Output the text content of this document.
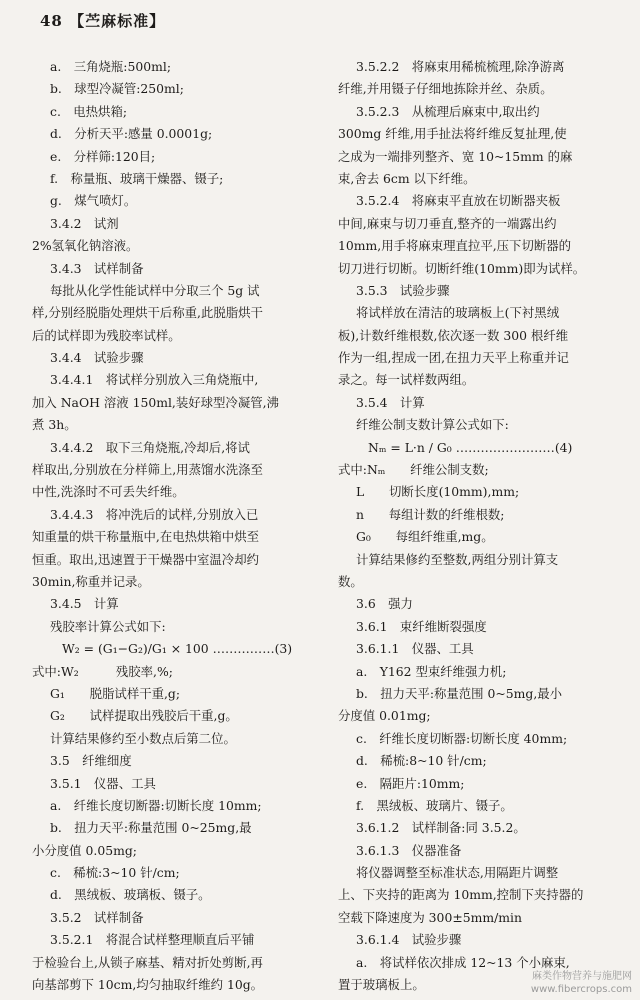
48 【苎麻标准】
a.　三角烧瓶:500ml;
b.　球型冷凝管:250ml;
c.　电热烘箱;
d.　分析天平:感量 0.0001g;
e.　分样筛:120目;
f.　称量瓶、玻璃干燥器、镊子;
g.　煤气喷灯。
3.4.2　试剂
2%氢氧化钠溶液。
3.4.3　试样制备
每批从化学性能试样中分取三个 5g 试
样,分别经脱脂处理烘干后称重,此脱脂烘干
后的试样即为残胶率试样。
3.4.4　试验步骤
3.4.4.1　将试样分别放入三角烧瓶中,
加入 NaOH 溶液 150ml,装好球型冷凝管,沸
煮 3h。
3.4.4.2　取下三角烧瓶,冷却后,将试
样取出,分别放在分样筛上,用蒸馏水洗涤至
中性,洗涤时不可丢失纤维。
3.4.4.3　将冲洗后的试样,分别放入已
知重量的烘干称量瓶中,在电热烘箱中烘至
恒重。取出,迅速置于干燥器中室温冷却约
30min,称重并记录。
3.4.5　计算
残胶率计算公式如下:
W₂ = (G₁−G₂)/G₁ × 100 ……………(3)
式中:W₂　　　残胶率,%;
G₁　　脱脂试样干重,g;
G₂　　试样提取出残胶后干重,g。
计算结果修约至小数点后第二位。
3.5　纤维细度
3.5.1　仪器、工具
a.　纤维长度切断器:切断长度 10mm;
b.　扭力天平:称量范围 0~25mg,最
小分度值 0.05mg;
c.　稀梳:3~10 针/cm;
d.　黑绒板、玻璃板、镊子。
3.5.2　试样制备
3.5.2.1　将混合试样整理顺直后平铺
于检验台上,从锁子麻基、精对折处剪断,再
向基部剪下 10cm,均匀抽取纤维约 10g。
3.5.2.2　将麻束用稀梳梳理,除净游离
纤维,并用镊子仔细地拣除并丝、杂质。
3.5.2.3　从梳理后麻束中,取出约
300mg 纤维,用手扯法将纤维反复扯理,使
之成为一端排列整齐、宽 10~15mm 的麻
束,舍去 6cm 以下纤维。
3.5.2.4　将麻束平直放在切断器夹板
中间,麻束与切刀垂直,整齐的一端露出约
10mm,用手将麻束理直拉平,压下切断器的
切刀进行切断。切断纤维(10mm)即为试样。
3.5.3　试验步骤
将试样放在清洁的玻璃板上(下衬黑绒
板),计数纤维根数,依次逐一数 300 根纤维
作为一组,捏成一团,在扭力天平上称重并记
录之。每一试样数两组。
3.5.4　计算
纤维公制支数计算公式如下:
Nₘ = L·n / G₀ ……………………(4)
式中:Nₘ　　纤维公制支数;
L　　切断长度(10mm),mm;
n　　每组计数的纤维根数;
G₀　　每组纤维重,mg。
计算结果修约至整数,两组分别计算支
数。
3.6　强力
3.6.1　束纤维断裂强度
3.6.1.1　仪器、工具
a.　Y162 型束纤维强力机;
b.　扭力天平:称量范围 0~5mg,最小
分度值 0.01mg;
c.　纤维长度切断器:切断长度 40mm;
d.　稀梳:8~10 针/cm;
e.　隔距片:10mm;
f.　黑绒板、玻璃片、镊子。
3.6.1.2　试样制备:同 3.5.2。
3.6.1.3　仪器准备
将仪器调整至标准状态,用隔距片调整
上、下夹持的距离为 10mm,控制下夹持器的
空载下降速度为 300±5mm/min
3.6.1.4　试验步骤
a.　将试样依次排成 12~13 个小麻束,
置于玻璃板上。
麻类作物营养与施肥网
www.fibercrops.com
